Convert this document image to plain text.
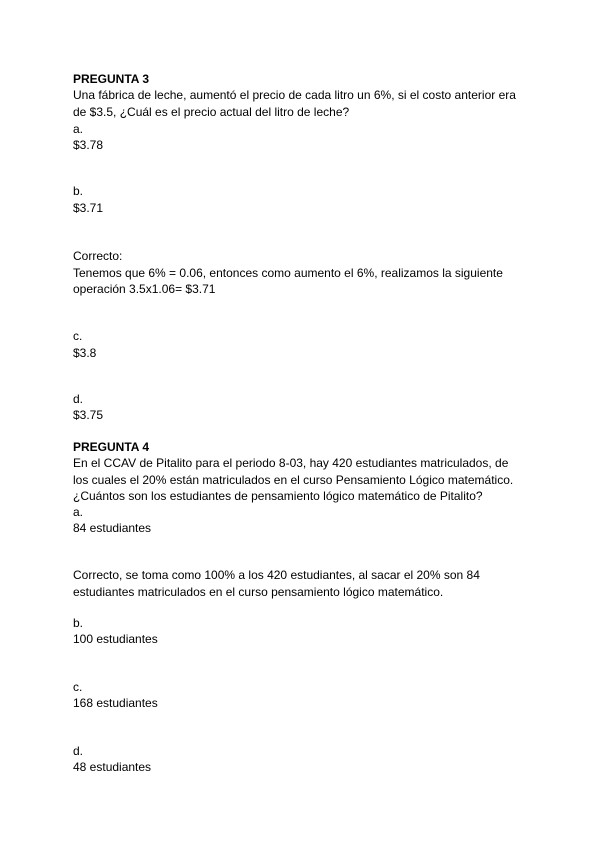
PREGUNTA 3
Una fábrica de leche, aumentó el precio de cada litro un 6%, si el costo anterior era
de $3.5, ¿Cuál es el precio actual del litro de leche?
a.
$3.78
b.
$3.71
Correcto:
Tenemos que 6% = 0.06, entonces como aumento el 6%, realizamos la siguiente
operación 3.5x1.06= $3.71
c.
$3.8
d.
$3.75
PREGUNTA 4
En el CCAV de Pitalito para el periodo 8-03, hay 420 estudiantes matriculados, de
los cuales el 20% están matriculados en el curso Pensamiento Lógico matemático.
¿Cuántos son los estudiantes de pensamiento lógico matemático de Pitalito?
a.
84 estudiantes
Correcto, se toma como 100% a los 420 estudiantes, al sacar el 20% son 84
estudiantes matriculados en el curso pensamiento lógico matemático.
b.
100 estudiantes
c.
168 estudiantes
d.
48 estudiantes
